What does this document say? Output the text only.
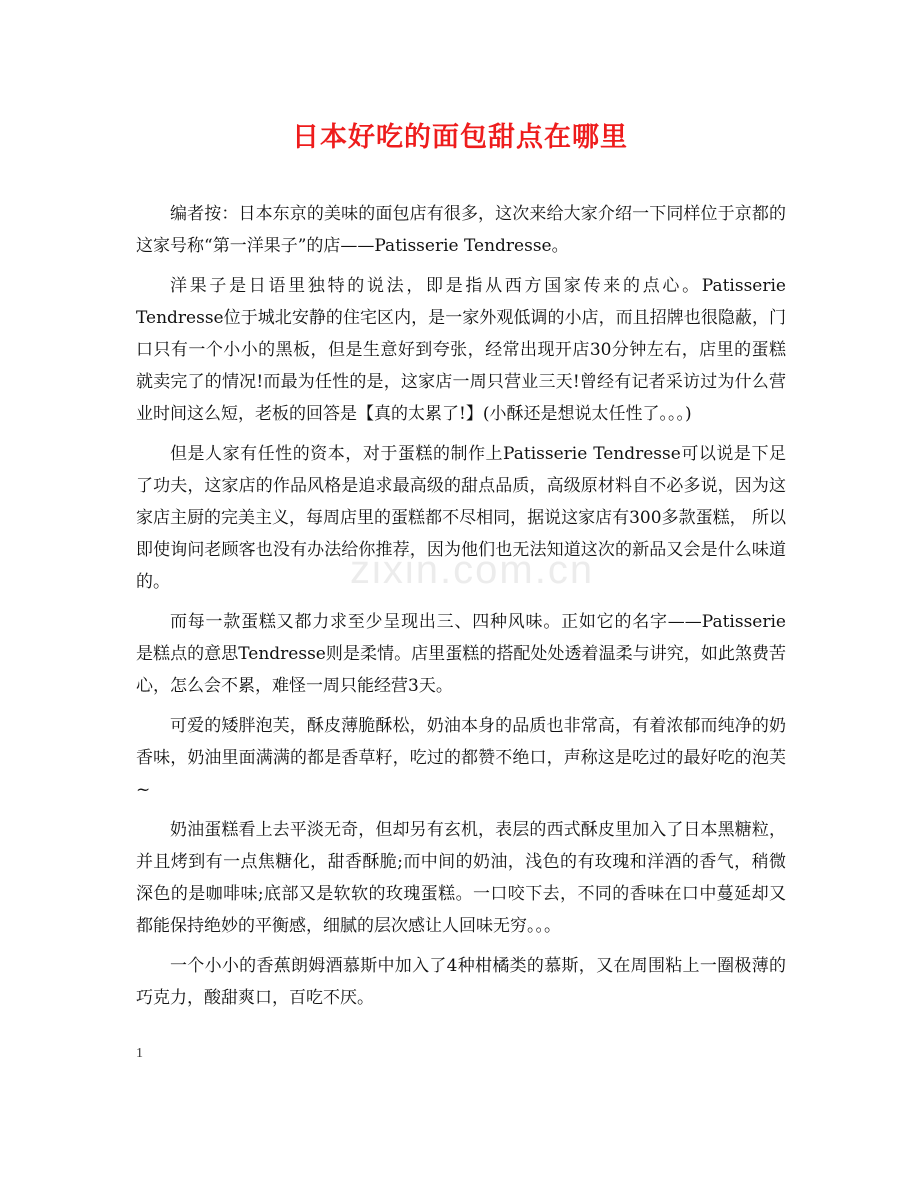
zixin.com.cn
日本好吃的面包甜点在哪里

编者按：日本东京的美味的面包店有很多，这次来给大家介绍一下同样位于京都的这家号称“第一洋果子”的店——Patisserie Tendresse。

洋果子是日语里独特的说法，即是指从西方国家传来的点心。Patisserie Tendresse位于城北安静的住宅区内，是一家外观低调的小店，而且招牌也很隐蔽，门口只有一个小小的黑板，但是生意好到夸张，经常出现开店30分钟左右，店里的蛋糕就卖完了的情况!而最为任性的是，这家店一周只营业三天!曾经有记者采访过为什么营业时间这么短，老板的回答是【真的太累了!】(小酥还是想说太任性了。。。)

但是人家有任性的资本，对于蛋糕的制作上Patisserie Tendresse可以说是下足了功夫，这家店的作品风格是追求最高级的甜点品质，高级原材料自不必多说，因为这家店主厨的完美主义，每周店里的蛋糕都不尽相同，据说这家店有300多款蛋糕， 所以即使询问老顾客也没有办法给你推荐，因为他们也无法知道这次的新品又会是什么味道的。

而每一款蛋糕又都力求至少呈现出三、四种风味。正如它的名字——Patisserie 是糕点的意思Tendresse则是柔情。店里蛋糕的搭配处处透着温柔与讲究，如此煞费苦心，怎么会不累，难怪一周只能经营3天。

可爱的矮胖泡芙，酥皮薄脆酥松，奶油本身的品质也非常高，有着浓郁而纯净的奶香味，奶油里面满满的都是香草籽，吃过的都赞不绝口，声称这是吃过的最好吃的泡芙~

奶油蛋糕看上去平淡无奇，但却另有玄机，表层的西式酥皮里加入了日本黑糖粒，并且烤到有一点焦糖化，甜香酥脆;而中间的奶油，浅色的有玫瑰和洋酒的香气，稍微深色的是咖啡味;底部又是软软的玫瑰蛋糕。一口咬下去，不同的香味在口中蔓延却又都能保持绝妙的平衡感，细腻的层次感让人回味无穷。。。

一个小小的香蕉朗姆酒慕斯中加入了4种柑橘类的慕斯，又在周围粘上一圈极薄的巧克力，酸甜爽口，百吃不厌。

1
